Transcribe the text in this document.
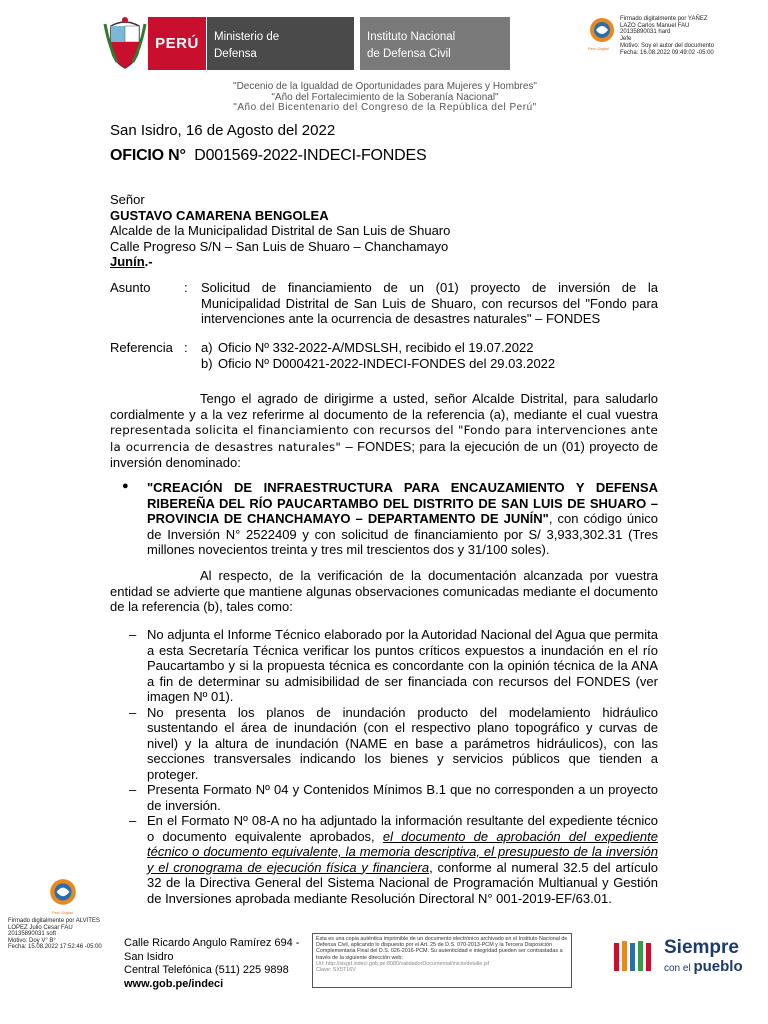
PERÚ Ministerio de
Defensa
Instituto Nacional
de Defensa Civil	Perú Digital
Firmado digitalmente por YAÑEZ
LAZO Carlos Manuel FAU
20135890031 hard
Jefe
Motivo: Soy el autor del documento
Fecha: 16.08.2022 09:49:02 -05:00
"Decenio de la Igualdad de Oportunidades para Mujeres y Hombres"
"Año del Fortalecimiento de la Soberanía Nacional"
"Año del Bicentenario del Congreso de la República del Perú"
San Isidro, 16 de Agosto del 2022
OFICIO N° D001569-2022-INDECI-FONDES
Señor
GUSTAVO CAMARENA BENGOLEA
Alcalde de la Municipalidad Distrital de San Luis de Shuaro
Calle Progreso S/N – San Luis de Shuaro – Chanchamayo
Junín.-
Asunto	: Solicitud de financiamiento de un (01) proyecto de inversión de la Municipalidad Distrital de San Luis de Shuaro, con recursos del "Fondo para intervenciones ante la ocurrencia de desastres naturales" – FONDES
Referencia : a) Oficio Nº 332-2022-A/MDSLSH, recibido el 19.07.2022
b) Oficio Nº D000421-2022-INDECI-FONDES del 29.03.2022
Tengo el agrado de dirigirme a usted, señor Alcalde Distrital, para saludarlo cordialmente y a la vez referirme al documento de la referencia (a), mediante el cual vuestra representada solicita el financiamiento con recursos del "Fondo para intervenciones ante la ocurrencia de desastres naturales" – FONDES; para la ejecución de un (01) proyecto de inversión denominado:
● "CREACIÓN DE INFRAESTRUCTURA PARA ENCAUZAMIENTO Y DEFENSA RIBEREÑA DEL RÍO PAUCARTAMBO DEL DISTRITO DE SAN LUIS DE SHUARO – PROVINCIA DE CHANCHAMAYO – DEPARTAMENTO DE JUNÍN", con código único de Inversión N° 2522409 y con solicitud de financiamiento por S/ 3,933,302.31 (Tres millones novecientos treinta y tres mil trescientos dos y 31/100 soles).
Al respecto, de la verificación de la documentación alcanzada por vuestra entidad se advierte que mantiene algunas observaciones comunicadas mediante el documento de la referencia (b), tales como:

– No adjunta el Informe Técnico elaborado por la Autoridad Nacional del Agua que permita a esta Secretaría Técnica verificar los puntos críticos expuestos a inundación en el río Paucartambo y si la propuesta técnica es concordante con la opinión técnica de la ANA a fin de determinar su admisibilidad de ser financiada con recursos del FONDES (ver imagen Nº 01).

– No presenta los planos de inundación producto del modelamiento hidráulico sustentando el área de inundación (con el respectivo plano topográfico y curvas de nivel) y la altura de inundación (NAME en base a parámetros hidráulicos), con las secciones transversales indicando los bienes y servicios públicos que tienden a proteger.

– Presenta Formato Nº 04 y Contenidos Mínimos B.1 que no corresponden a un proyecto de inversión.

– En el Formato Nº 08-A no ha adjuntado la información resultante del expediente técnico o documento equivalente aprobados, el documento de aprobación del expediente técnico o documento equivalente, la memoria descriptiva, el presupuesto de la inversión y el cronograma de ejecución física y financiera, conforme al numeral 32.5 del artículo 32 de la Directiva General del Sistema Nacional de Programación Multianual y Gestión de Inversiones aprobada mediante Resolución Directoral N° 001-2019-EF/63.01.

Perú Digital
Firmado digitalmente por ALVITES
LOPEZ Julio Cesar FAU
20135890031 soft
Motivo: Doy V° B°
Fecha: 15.08.2022 17:52:46 -05:00	Calle Ricardo Angulo Ramírez 694 -
San Isidro
Central Telefónica (511) 225 9898
www.gob.pe/indeci
Esta es una copia auténtica imprimible de un documento electrónico archivado en el Instituto Nacional de Defensa Civil, aplicando lo dispuesto por el Art. 25 de D.S. 070-2013-PCM y la Tercera Disposición Complementaria Final del D.S. 026-2016-PCM. Su autenticidad e integridad pueden ser contrastadas a través de la siguiente dirección web:
Url: http://sisgd.indeci.gob.pe:8080/validadorDocumental/inicio/detalle.jsf
Clave: SX5T16V
Siempre
con el pueblo
